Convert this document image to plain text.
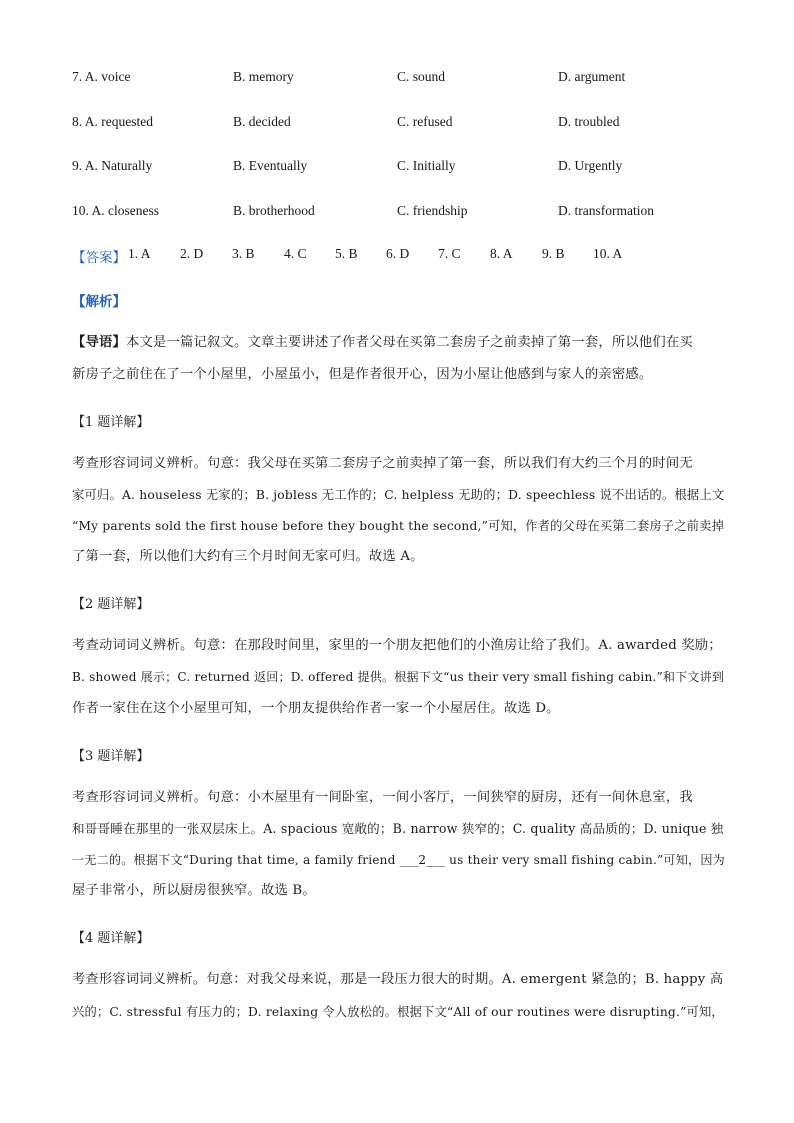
7. A. voice	B. memory	C. sound	D. argument
8. A. requested	B. decided	C. refused	D. troubled
9. A. Naturally	B. Eventually	C. Initially	D. Urgently
10. A. closeness	B. brotherhood	C. friendship	D. transformation
【答案】 1. A 2. D 3. B 4. C 5. B 6. D 7. C 8. A 9. B 10. A
【解析】
【导语】本文是一篇记叙文。文章主要讲述了作者父母在买第二套房子之前卖掉了第一套，所以他们在买
新房子之前住在了一个小屋里，小屋虽小，但是作者很开心，因为小屋让他感到与家人的亲密感。
【1 题详解】
考查形容词词义辨析。句意：我父母在买第二套房子之前卖掉了第一套，所以我们有大约三个月的时间无
家可归。A. houseless 无家的；B. jobless 无工作的；C. helpless 无助的；D. speechless 说不出话的。根据上文
“My parents sold the first house before they bought the second,”可知，作者的父母在买第二套房子之前卖掉
了第一套，所以他们大约有三个月时间无家可归。故选 A。
【2 题详解】
考查动词词义辨析。句意：在那段时间里，家里的一个朋友把他们的小渔房让给了我们。A. awarded 奖励；
B. showed 展示；C. returned 返回；D. offered 提供。根据下文“us their very small fishing cabin.”和下文讲到
作者一家住在这个小屋里可知，一个朋友提供给作者一家一个小屋居住。故选 D。
【3 题详解】
考查形容词词义辨析。句意：小木屋里有一间卧室，一间小客厅，一间狭窄的厨房，还有一间休息室，我
和哥哥睡在那里的一张双层床上。A. spacious 宽敞的；B. narrow 狭窄的；C. quality 高品质的；D. unique 独
一无二的。根据下文“During that time, a family friend ___2___ us their very small fishing cabin.”可知，因为
屋子非常小，所以厨房很狭窄。故选 B。
【4 题详解】
考查形容词词义辨析。句意：对我父母来说，那是一段压力很大的时期。A. emergent 紧急的；B. happy 高
兴的；C. stressful 有压力的；D. relaxing 令人放松的。根据下文“All of our routines were disrupting.”可知，
